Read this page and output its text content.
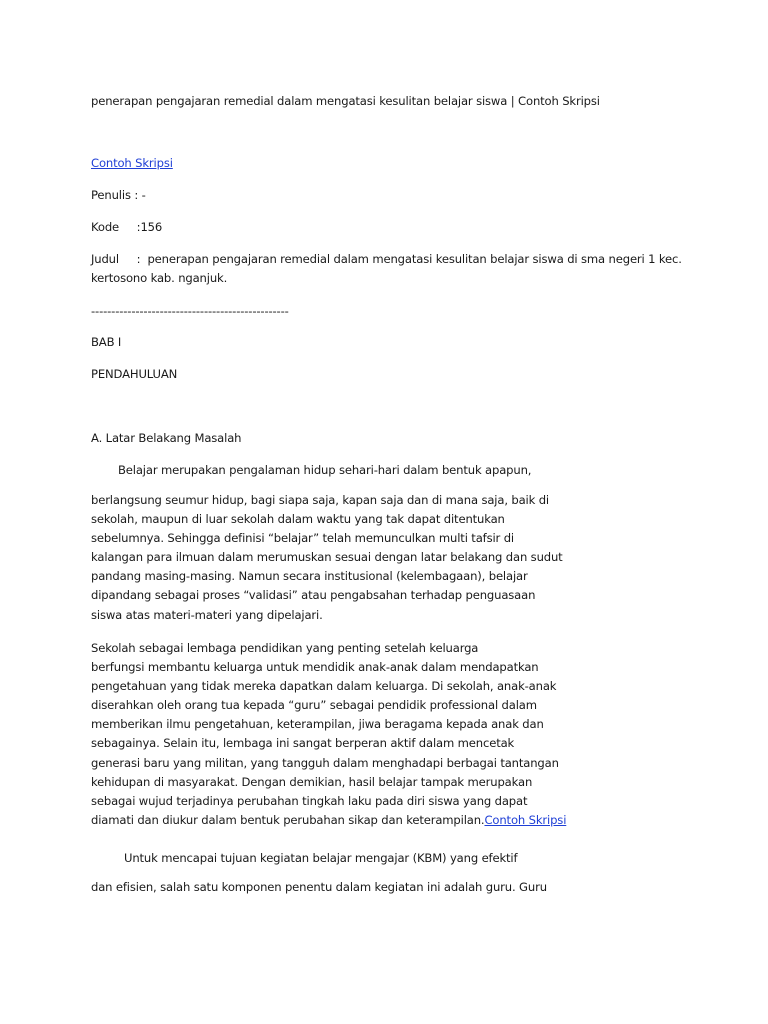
penerapan pengajaran remedial dalam mengatasi kesulitan belajar siswa | Contoh Skripsi
Contoh Skripsi
Penulis : -
Kode     :156
Judul     :  penerapan pengajaran remedial dalam mengatasi kesulitan belajar siswa di sma negeri 1 kec.
kertosono kab. nganjuk.
-------------------------------------------------
BAB I
PENDAHULUAN
A. Latar Belakang Masalah
Belajar merupakan pengalaman hidup sehari-hari dalam bentuk apapun,
berlangsung seumur hidup, bagi siapa saja, kapan saja dan di mana saja, baik di
sekolah, maupun di luar sekolah dalam waktu yang tak dapat ditentukan
sebelumnya. Sehingga definisi “belajar” telah memunculkan multi tafsir di
kalangan para ilmuan dalam merumuskan sesuai dengan latar belakang dan sudut
pandang masing-masing. Namun secara institusional (kelembagaan), belajar
dipandang sebagai proses “validasi” atau pengabsahan terhadap penguasaan
siswa atas materi-materi yang dipelajari.
Sekolah sebagai lembaga pendidikan yang penting setelah keluarga
berfungsi membantu keluarga untuk mendidik anak-anak dalam mendapatkan
pengetahuan yang tidak mereka dapatkan dalam keluarga. Di sekolah, anak-anak
diserahkan oleh orang tua kepada “guru” sebagai pendidik professional dalam
memberikan ilmu pengetahuan, keterampilan, jiwa beragama kepada anak dan
sebagainya. Selain itu, lembaga ini sangat berperan aktif dalam mencetak
generasi baru yang militan, yang tangguh dalam menghadapi berbagai tantangan
kehidupan di masyarakat. Dengan demikian, hasil belajar tampak merupakan
sebagai wujud terjadinya perubahan tingkah laku pada diri siswa yang dapat
diamati dan diukur dalam bentuk perubahan sikap dan keterampilan.Contoh Skripsi
Untuk mencapai tujuan kegiatan belajar mengajar (KBM) yang efektif
dan efisien, salah satu komponen penentu dalam kegiatan ini adalah guru. Guru
